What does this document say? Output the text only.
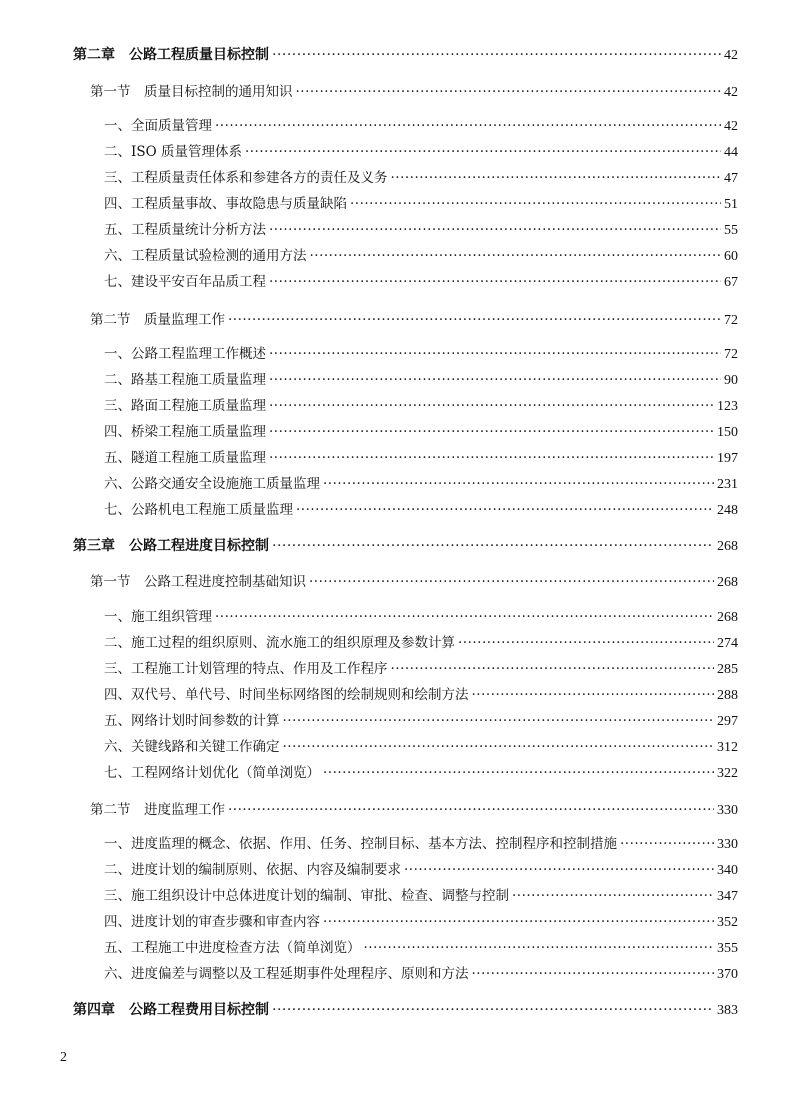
第二章　公路工程质量目标控制 ·····	42
第一节　质量目标控制的通用知识 ·····	42
一、全面质量管理 ·····	42
二、ISO 质量管理体系 ·····	44
三、工程质量责任体系和参建各方的责任及义务 ·····	47
四、工程质量事故、事故隐患与质量缺陷 ·····	51
五、工程质量统计分析方法 ·····	55
六、工程质量试验检测的通用方法 ·····	60
七、建设平安百年品质工程 ·····	67
第二节　质量监理工作 ·····	72
一、公路工程监理工作概述 ·····	72
二、路基工程施工质量监理 ·····	90
三、路面工程施工质量监理 ·····	123
四、桥梁工程施工质量监理 ·····	150
五、隧道工程施工质量监理 ·····	197
六、公路交通安全设施施工质量监理 ·····	231
七、公路机电工程施工质量监理 ·····	248
第三章　公路工程进度目标控制 ·····	268
第一节　公路工程进度控制基础知识 ·····	268
一、施工组织管理 ·····	268
二、施工过程的组织原则、流水施工的组织原理及参数计算 ·····	274
三、工程施工计划管理的特点、作用及工作程序 ·····	285
四、双代号、单代号、时间坐标网络图的绘制规则和绘制方法 ·····	288
五、网络计划时间参数的计算 ·····	297
六、关键线路和关键工作确定 ·····	312
七、工程网络计划优化（简单浏览） ·····	322
第二节　进度监理工作 ·····	330
一、进度监理的概念、依据、作用、任务、控制目标、基本方法、控制程序和控制措施 ·····	330
二、进度计划的编制原则、依据、内容及编制要求 ·····	340
三、施工组织设计中总体进度计划的编制、审批、检查、调整与控制 ·····	347
四、进度计划的审查步骤和审查内容 ·····	352
五、工程施工中进度检查方法（简单浏览） ·····	355
六、进度偏差与调整以及工程延期事件处理程序、原则和方法 ·····	370
第四章　公路工程费用目标控制 ·····	383
2
